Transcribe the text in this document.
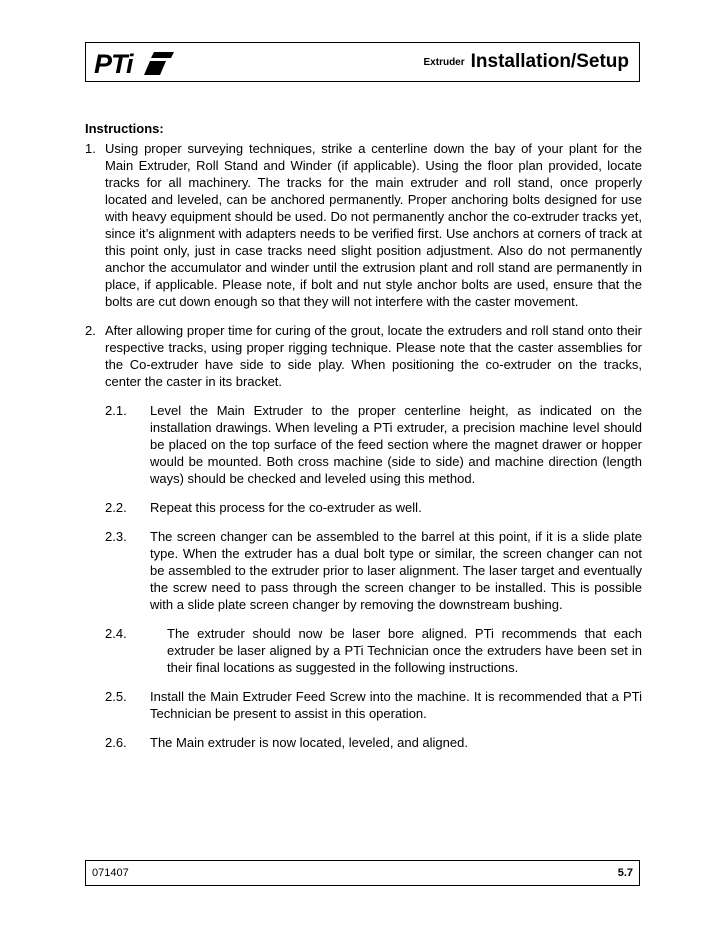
PTi	Extruder Installation/Setup
Instructions:
1. Using proper surveying techniques, strike a centerline down the bay of your plant for the Main Extruder, Roll Stand and Winder (if applicable). Using the floor plan provided, locate tracks for all machinery. The tracks for the main extruder and roll stand, once properly located and leveled, can be anchored permanently. Proper anchoring bolts designed for use with heavy equipment should be used. Do not permanently anchor the co-extruder tracks yet, since it’s alignment with adapters needs to be verified first. Use anchors at corners of track at this point only, just in case tracks need slight position adjustment. Also do not permanently anchor the accumulator and winder until the extrusion plant and roll stand are permanently in place, if applicable. Please note, if bolt and nut style anchor bolts are used, ensure that the bolts are cut down enough so that they will not interfere with the caster movement.
2. After allowing proper time for curing of the grout, locate the extruders and roll stand onto their respective tracks, using proper rigging technique. Please note that the caster assemblies for the Co-extruder have side to side play. When positioning the co-extruder on the tracks, center the caster in its bracket.
2.1. Level the Main Extruder to the proper centerline height, as indicated on the installation drawings. When leveling a PTi extruder, a precision machine level should be placed on the top surface of the feed section where the magnet drawer or hopper would be mounted. Both cross machine (side to side) and machine direction (length ways) should be checked and leveled using this method.
2.2. Repeat this process for the co-extruder as well.
2.3. The screen changer can be assembled to the barrel at this point, if it is a slide plate type. When the extruder has a dual bolt type or similar, the screen changer can not be assembled to the extruder prior to laser alignment. The laser target and eventually the screw need to pass through the screen changer to be installed. This is possible with a slide plate screen changer by removing the downstream bushing.
2.4.	The extruder should now be laser bore aligned. PTi recommends that each extruder be laser aligned by a PTi Technician once the extruders have been set in their final locations as suggested in the following instructions.
2.5. Install the Main Extruder Feed Screw into the machine. It is recommended that a PTi Technician be present to assist in this operation.
2.6. The Main extruder is now located, leveled, and aligned.
071407	5.7
